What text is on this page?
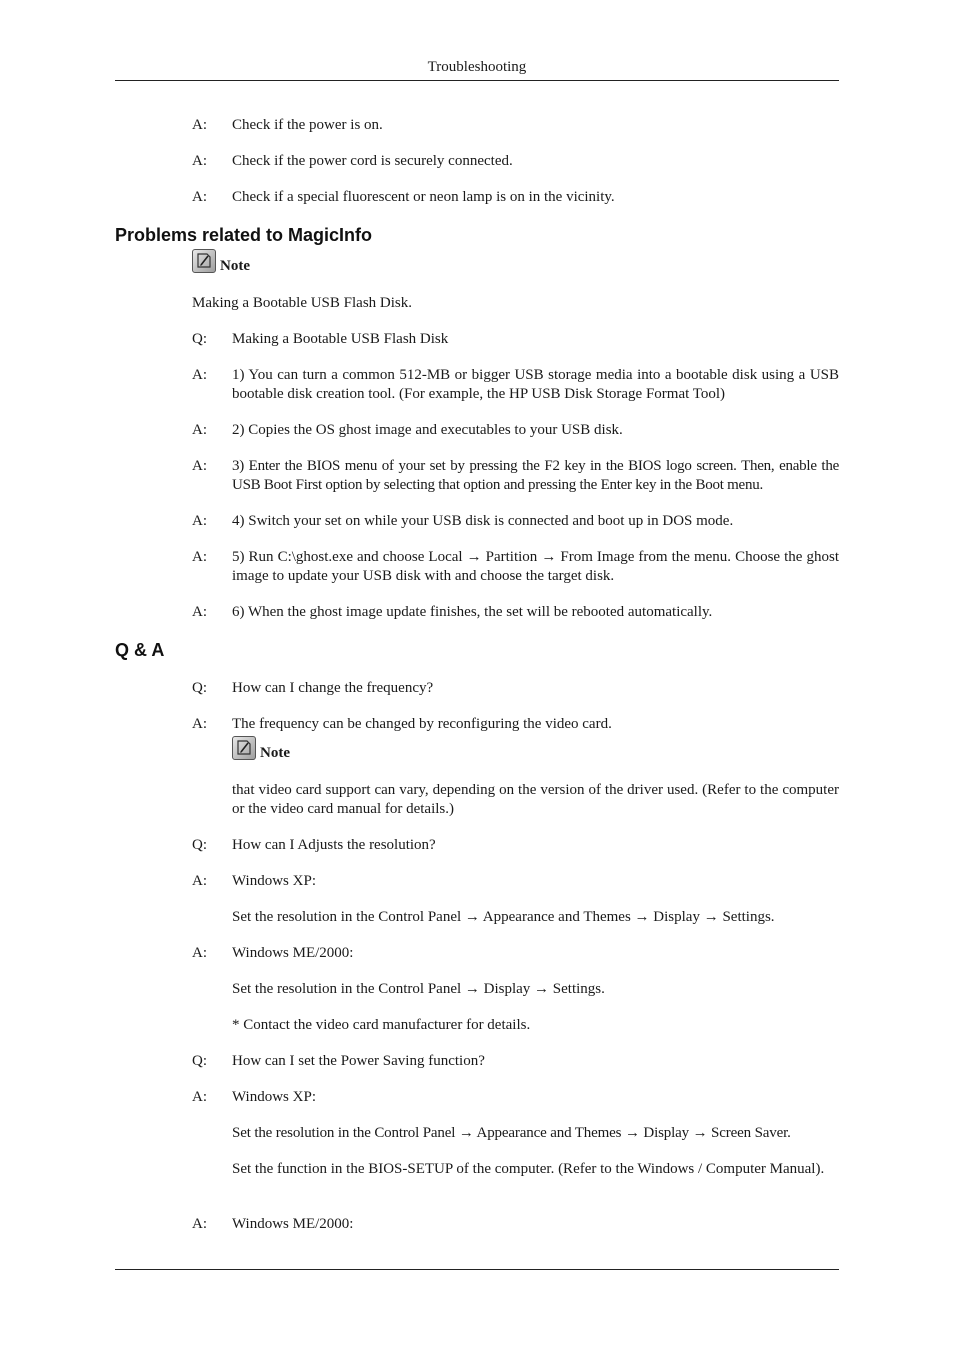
Troubleshooting
A: Check if the power is on.
A: Check if the power cord is securely connected.
A: Check if a special fluorescent or neon lamp is on in the vicinity.
Problems related to MagicInfo
Note
Making a Bootable USB Flash Disk.
Q: Making a Bootable USB Flash Disk
A: 1) You can turn a common 512-MB or bigger USB storage media into a bootable disk using a USB bootable disk creation tool. (For example, the HP USB Disk Storage Format Tool)
A: 2) Copies the OS ghost image and executables to your USB disk.
A: 3) Enter the BIOS menu of your set by pressing the F2 key in the BIOS logo screen. Then, enable the USB Boot First option by selecting that option and pressing the Enter key in the Boot menu.
A: 4) Switch your set on while your USB disk is connected and boot up in DOS mode.
A: 5) Run C:\ghost.exe and choose Local → Partition → From Image from the menu. Choose the ghost image to update your USB disk with and choose the target disk.
A: 6) When the ghost image update finishes, the set will be rebooted automatically.
Q & A
Q: How can I change the frequency?
A: The frequency can be changed by reconfiguring the video card.
Note
that video card support can vary, depending on the version of the driver used. (Refer to the computer or the video card manual for details.)
Q: How can I Adjusts the resolution?
A: Windows XP:
Set the resolution in the Control Panel → Appearance and Themes → Display → Settings.
A: Windows ME/2000:
Set the resolution in the Control Panel → Display → Settings.
* Contact the video card manufacturer for details.
Q: How can I set the Power Saving function?
A: Windows XP:
Set the resolution in the Control Panel → Appearance and Themes → Display → Screen Saver.
Set the function in the BIOS-SETUP of the computer. (Refer to the Windows / Computer Manual).
A: Windows ME/2000:
